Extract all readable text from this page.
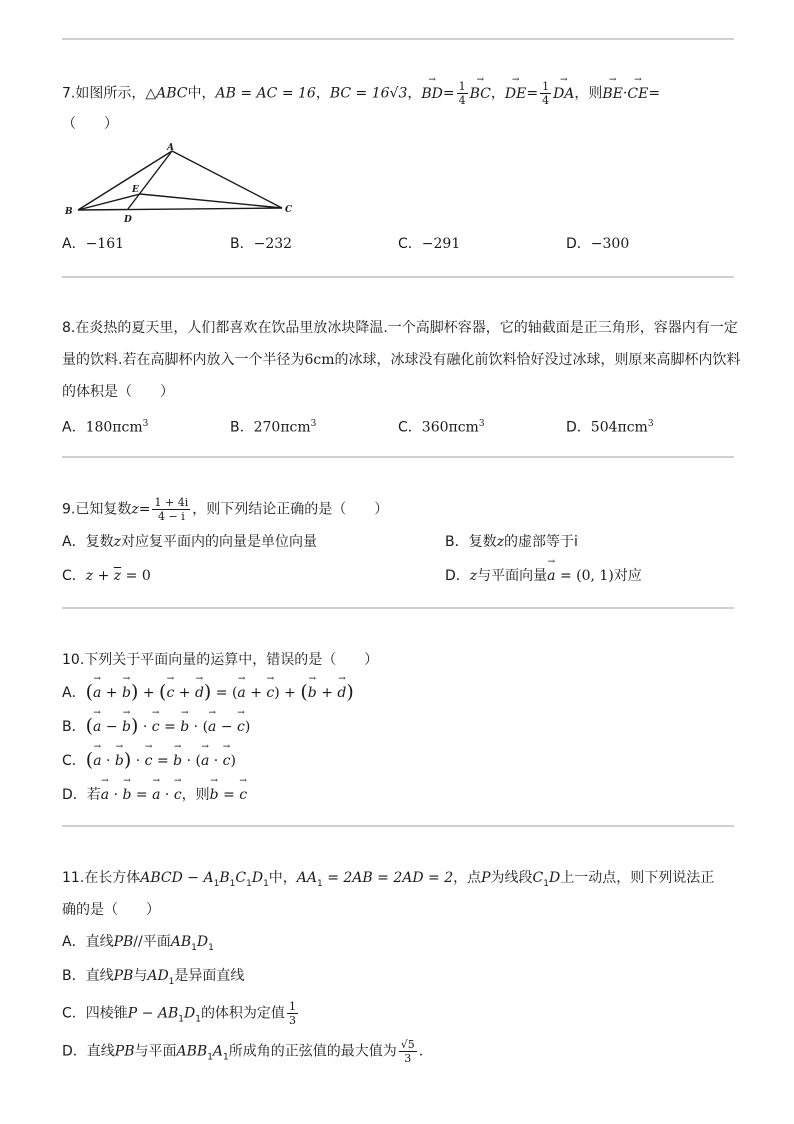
7.如图所示，△ABC中，AB = AC = 16，BC = 16√3，→ $BD= \frac{1}{4}$ → BC，→ $DE= \frac{1}{4}$ → DA，则→ BE·→ CE=
（　　）
A
B	C
D
E
A．−161	B．−232	C．−291	D．−300
8.在炎热的夏天里，人们都喜欢在饮品里放冰块降温.一个高脚杯容器，它的轴截面是正三角形，容器内有一定
量的饮料.若在高脚杯内放入一个半径为6cm的冰球，冰球没有融化前饮料恰好没过冰球，则原来高脚杯内饮料
的体积是（　　）
A．180πcm$^3$	B．270πcm$^3$	C．360πcm$^3$	D．504πcm$^3$
9.已知复数$z= \frac{1 + 4i}{4 - i}$ ，则下列结论正确的是（　　）
A．复数z对应复平面内的向量是单位向量	B．复数z的虚部等于i
C．$z + \overline{z} = 0$	D．z与平面向量→ a = (0, 1)对应
10.下列关于平面向量的运算中，错误的是（　　）
A．(→ a + → b) + (→ c + → d) = (→ a + → c) + (→ b + → d)
B．(→ a − → b) · → c = → b · (→ a − → c)
C．(→ a · → b) · → c = → b · (→ a · → c)
D．若→ a · → b = → a · → c，则→ b = → c
11.在长方体ABCD − $A_1B_1C_1D_1$中，$AA_1 = 2AB = 2AD = 2$，点P为线段$C_1D$上一动点，则下列说法正
确的是（　　）
A．直线PB//平面$AB_1D_1$
B．直线PB与$AD_1$是异面直线
C．四棱锥$P - AB_1D_1$的体积为定值 $\frac{1}{3}$
D．直线PB与平面$ABB_1A_1$所成角的正弦值的最大值为 $\frac{√5}{3}$ .
